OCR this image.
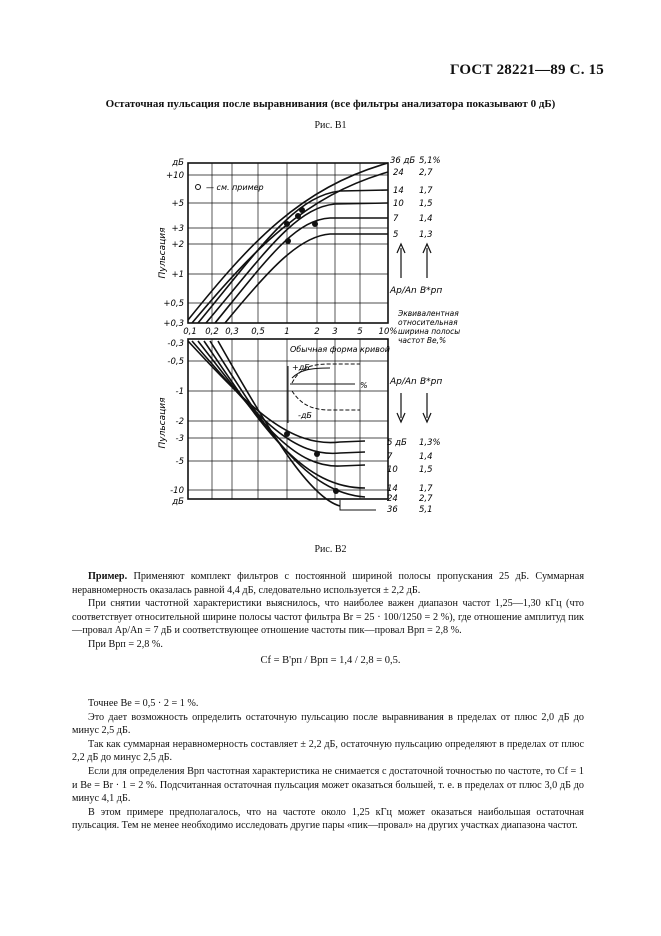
ГОСТ 28221—89 С. 15
Остаточная пульсация после выравнивания (все фильтры анализатора показывают 0 дБ)
Рис. В1
— см. пример
дБ
+10
+5
+3
+2
+1
+0,5
+0,3
0,1 0,2 0,3 0,5 1	2 3 5 10%
Пульсация
36 дБ 5,1%
24 2,7
14 1,7
10 1,5
7 1,4
5 1,3
Ap/An B*рп
Эквивалентная
относительная
ширина полосы
частот Bе,%
Обычная форма кривой
+дБ
%
-дБ
-0,3
-0,5
-1
-2
-3
-5
-10
дБ
Пульсация
Ap/An B*рп
5 дБ 1,3%
7	1,4
10 1,5
14 1,7
24 2,7
36 5,1
Рис. В2

Пример. Применяют комплект фильтров с постоянной шириной полосы пропускания 25 дБ. Суммарная неравномерность оказалась равной 4,4 дБ, следовательно используется ± 2,2 дБ.

При снятии частотной характеристики выяснилось, что наиболее важен диапазон частот 1,25—1,30 кГц (что соответствует относительной ширине полосы частот фильтра Br = 25 · 100/1250 = 2 %), где отношение амплитуд пик—провал Ap/An = 7 дБ и соответствующее отношение частоты пик—провал Bрп = 2,8 %.

При Bрп = 2,8 %.

Cf = B'рп / Bрп = 1,4 / 2,8 = 0,5.

Точнее Bе = 0,5 · 2 = 1 %.

Это дает возможность определить остаточную пульсацию после выравнивания в пределах от плюс 2,0 дБ до минус 2,5 дБ.

Так как суммарная неравномерность составляет ± 2,2 дБ, остаточную пульсацию определяют в пределах от плюс 2,2 дБ до минус 2,5 дБ.

Если для определения Bрп частотная характеристика не снимается с достаточной точностью по частоте, то Cf = 1 и Bе = Br · 1 = 2 %. Подсчитанная остаточная пульсация может оказаться большей, т. е. в пределах от плюс 3,0 дБ до минус 4,1 дБ.

В этом примере предполагалось, что на частоте около 1,25 кГц может оказаться наибольшая остаточная пульсация. Тем не менее необходимо исследовать другие пары «пик—провал» на других участках диапазона частот.
